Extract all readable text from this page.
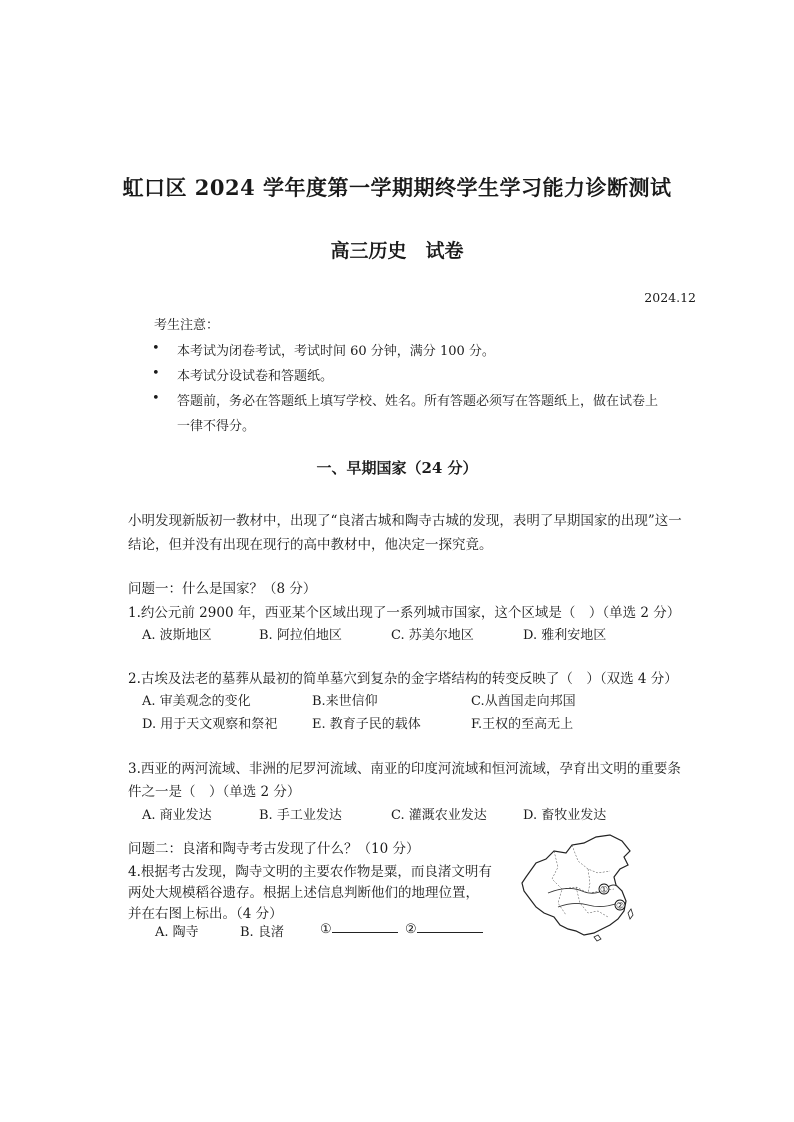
虹口区 2024 学年度第一学期期终学生学习能力诊断测试
高三历史　试卷
2024.12
考生注意：
• 本考试为闭卷考试，考试时间 60 分钟，满分 100 分。
• 本考试分设试卷和答题纸。
• 答题前，务必在答题纸上填写学校、姓名。所有答题必须写在答题纸上，做在试卷上
一律不得分。
一、早期国家（24 分）
小明发现新版初一教材中，出现了“良渚古城和陶寺古城的发现，表明了早期国家的出现”这一
结论，但并没有出现在现行的高中教材中，他决定一探究竟。
问题一：什么是国家？（8 分）
1.约公元前 2900 年，西亚某个区域出现了一系列城市国家，这个区域是（　）（单选 2 分）
A. 波斯地区	B. 阿拉伯地区	C. 苏美尔地区	D. 雅利安地区
2.古埃及法老的墓葬从最初的简单墓穴到复杂的金字塔结构的转变反映了（　）（双选 4 分）
A. 审美观念的变化	B.来世信仰	C.从酋国走向邦国
D. 用于天文观察和祭祀	E. 教育子民的载体	F.王权的至高无上
3.西亚的两河流域、非洲的尼罗河流域、南亚的印度河流域和恒河流域，孕育出文明的重要条
件之一是（　）（单选 2 分）
A. 商业发达	B. 手工业发达	C. 灌溉农业发达	D. 畜牧业发达
问题二：良渚和陶寺考古发现了什么？（10 分）
4.根据考古发现，陶寺文明的主要农作物是粟，而良渚文明有
两处大规模稻谷遗存。根据上述信息判断他们的地理位置，
并在右图上标出。（4 分）
A. 陶寺	B. 良渚	①	②
①
②
